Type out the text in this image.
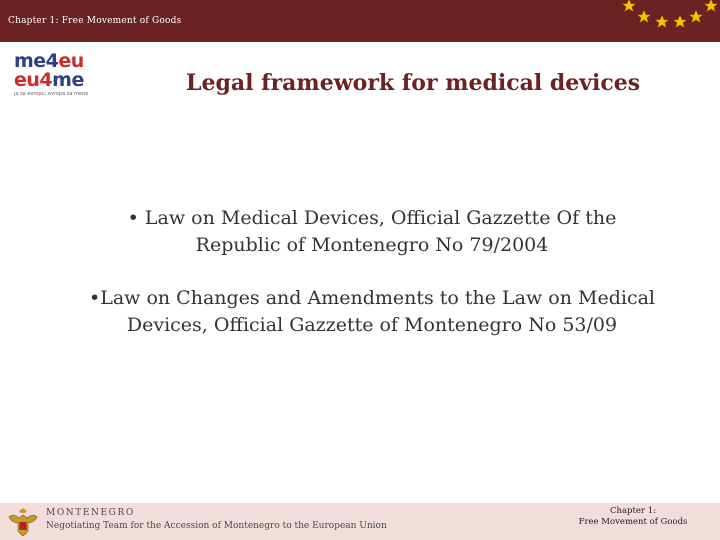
Chapter 1: Free Movement of Goods
me4eu
eu4me
ja za evropu, evropa za mene	Legal framework for medical devices

• Law on Medical Devices, Official Gazzette Of the Republic of Montenegro No 79/2004

•Law on Changes and Amendments to the Law on Medical Devices, Official Gazzette of Montenegro No 53/09

MONTENEGRO
Negotiating Team for the Accession of Montenegro to the European Union
Chapter 1:
Free Movement of Goods
